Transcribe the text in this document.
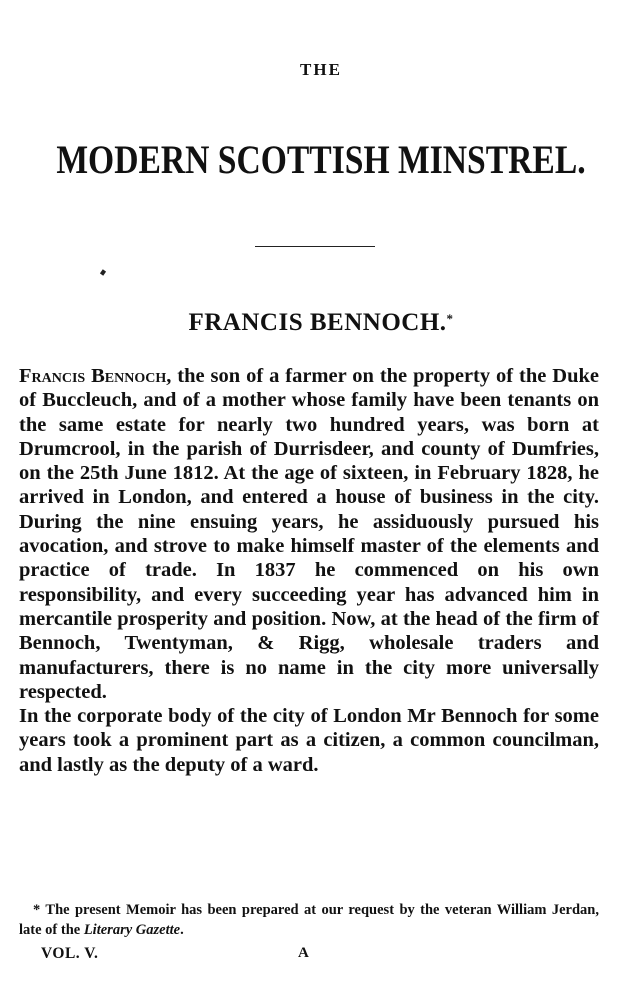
THE
MODERN SCOTTISH MINSTREL.
FRANCIS BENNOCH.*

Francis Bennoch, the son of a farmer on the property of the Duke of Buccleuch, and of a mother whose family have been tenants on the same estate for nearly two hundred years, was born at Drumcrool, in the parish of Durrisdeer, and county of Dumfries, on the 25th June 1812. At the age of sixteen, in February 1828, he arrived in London, and entered a house of business in the city. During the nine ensuing years, he assiduously pursued his avocation, and strove to make himself master of the elements and practice of trade. In 1837 he commenced on his own responsibility, and every succeeding year has advanced him in mercantile prosperity and position. Now, at the head of the firm of Bennoch, Twentyman, & Rigg, wholesale traders and manufacturers, there is no name in the city more universally respected.

In the corporate body of the city of London Mr Bennoch for some years took a prominent part as a citizen, a common councilman, and lastly as the deputy of a ward.

* The present Memoir has been prepared at our request by the veteran William Jerdan, late of the Literary Gazette.
VOL. V.	A
